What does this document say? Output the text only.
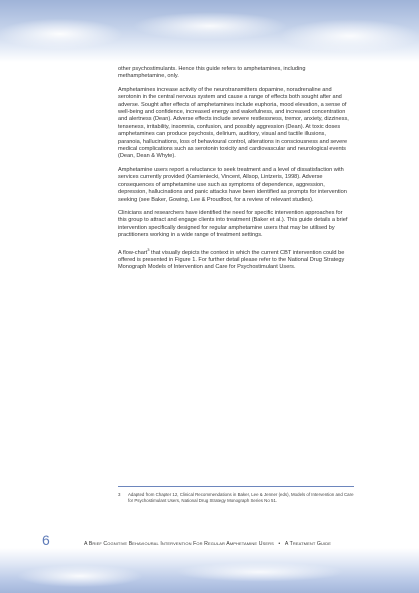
other psychostimulants. Hence this guide refers to amphetamines, including methamphetamine, only.

Amphetamines increase activity of the neurotransmitters dopamine, noradrenaline and serotonin in the central nervous system and cause a range of effects both sought after and adverse. Sought after effects of amphetamines include euphoria, mood elevation, a sense of well-being and confidence, increased energy and wakefulness, and increased concentration and alertness (Dean). Adverse effects include severe restlessness, tremor, anxiety, dizziness, tenseness, irritability, insomnia, confusion, and possibly aggression (Dean). At toxic doses amphetamines can produce psychosis, delirium, auditory, visual and tactile illusions, paranoia, hallucinations, loss of behavioural control, alterations in consciousness and severe medical complications such as serotonin toxicity and cardiovascular and neurological events (Dean, Dean & Whyte).

Amphetamine users report a reluctance to seek treatment and a level of dissatisfaction with services currently provided (Kamieniecki, Vincent, Allsop, Lintzeris, 1998). Adverse consequences of amphetamine use such as symptoms of dependence, aggression, depression, hallucinations and panic attacks have been identified as prompts for intervention seeking (see Baker, Gowing, Lee & Proudfoot, for a review of relevant studies).

Clinicians and researchers have identified the need for specific intervention approaches for this group to attract and engage clients into treatment (Baker et al.). This guide details a brief intervention specifically designed for regular amphetamine users that may be utilised by practitioners working in a wide range of treatment settings.

A flow-chart$^3$ that visually depicts the context in which the current CBT intervention could be offered is presented in Figure 1. For further detail please refer to the National Drug Strategy Monograph Models of Intervention and Care for Psychostimulant Users.

3	Adapted from Chapter 12, Clinical Recommendations in Baker, Lee & Jenner (eds), Models of Intervention and Care for Psychostimulant Users, National Drug Strategy Monograph Series No 51.
6	A Brief Cognitive Behavioural Intervention For Regular Amphetamine Users • A Treatment Guide
